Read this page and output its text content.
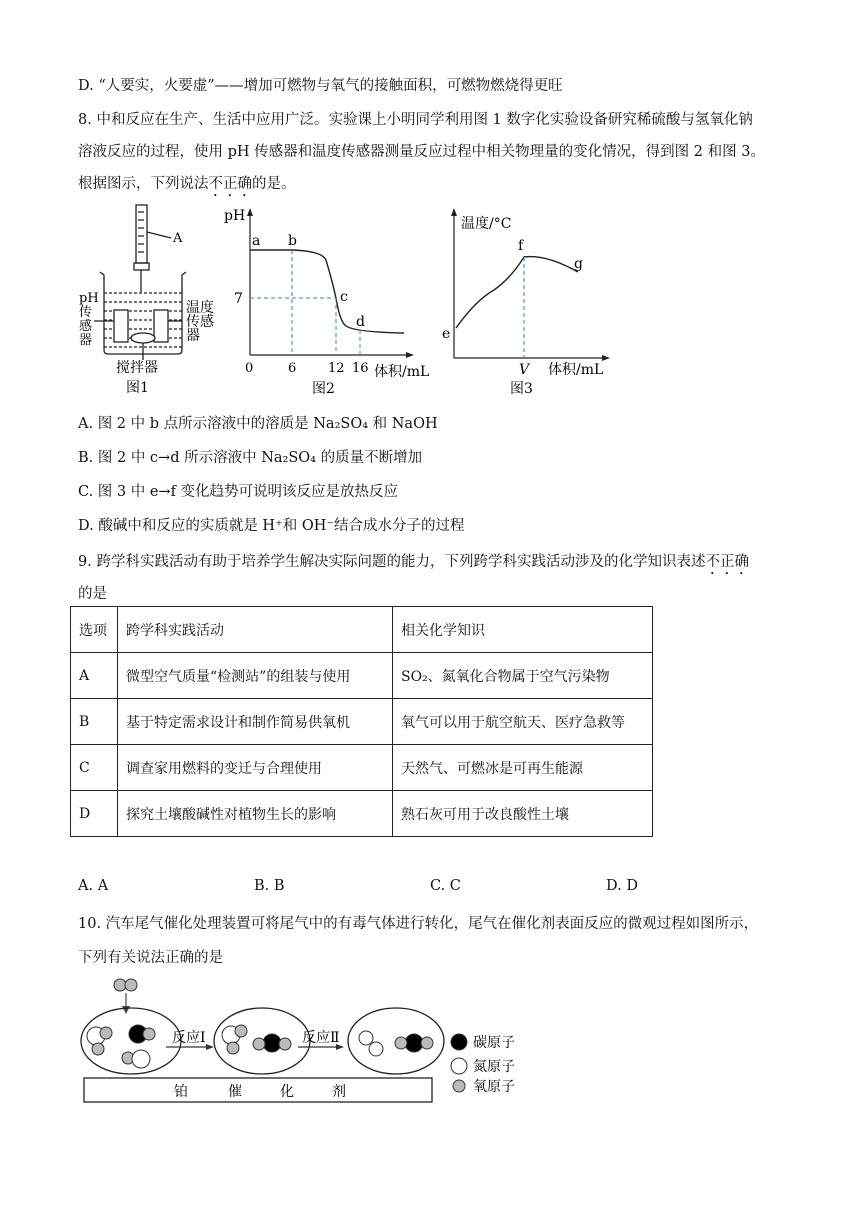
D. “人要实，火要虚”——增加可燃物与氧气的接触面积，可燃物燃烧得更旺
8. 中和反应在生产、生活中应用广泛。实验课上小明同学利用图 1 数字化实验设备研究稀硫酸与氢氧化钠
溶液反应的过程，使用 pH 传感器和温度传感器测量反应过程中相关物理量的变化情况，得到图 2 和图 3。
根据图示，下列说法不正确的是。
A
pH 传感器
温度传感器
搅拌器
图1
pH
7
a b
c
d
0	6 12 16 体积/mL
图2
温度/°C
e
f
g
V 体积/mL
图3
A. 图 2 中 b 点所示溶液中的溶质是 Na₂SO₄ 和 NaOH
B. 图 2 中 c→d 所示溶液中 Na₂SO₄ 的质量不断增加
C. 图 3 中 e→f 变化趋势可说明该反应是放热反应
D. 酸碱中和反应的实质就是 H⁺和 OH⁻结合成水分子的过程
9. 跨学科实践活动有助于培养学生解决实际问题的能力，下列跨学科实践活动涉及的化学知识表述不正确
的是
选项	跨学科实践活动	相关化学知识
A	微型空气质量“检测站”的组装与使用	SO₂、氮氧化合物属于空气污染物
B	基于特定需求设计和制作简易供氧机	氧气可以用于航空航天、医疗急救等
C	调查家用燃料的变迁与合理使用	天然气、可燃冰是可再生能源
D	探究土壤酸碱性对植物生长的影响	熟石灰可用于改良酸性土壤
A. A	B. B	C. C	D. D
10. 汽车尾气催化处理装置可将尾气中的有毒气体进行转化，尾气在催化剂表面反应的微观过程如图所示，
下列有关说法正确的是
反应Ⅰ	反应Ⅱ	碳原子
氮原子
氧原子
铂	催	化	剂
